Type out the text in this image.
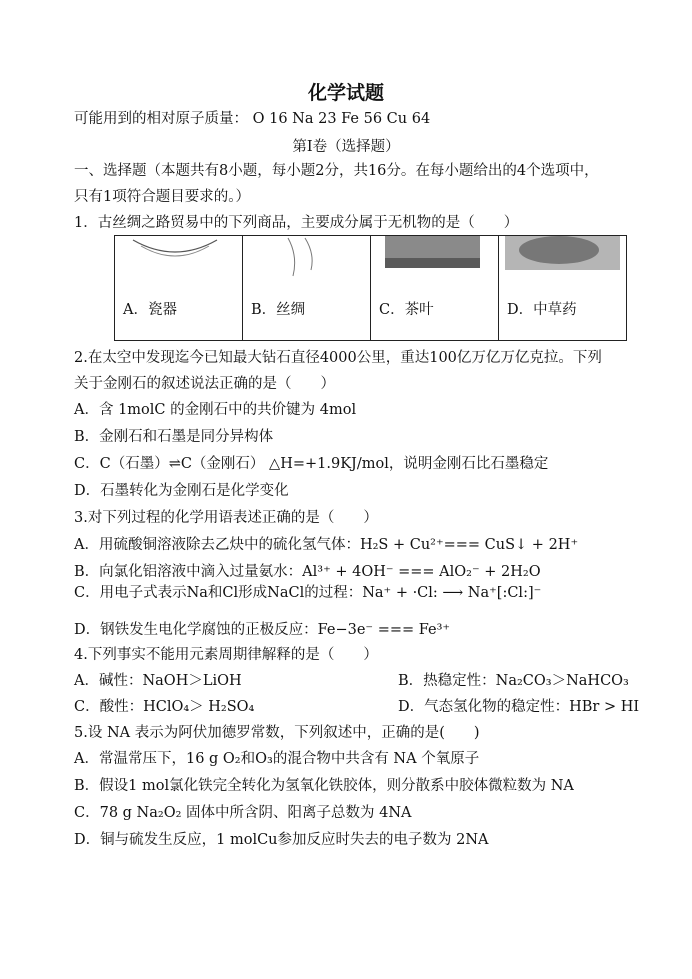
化学试题
可能用到的相对原子质量： O 16 Na 23 Fe 56 Cu 64
第Ⅰ卷（选择题）
一、选择题（本题共有8小题，每小题2分，共16分。在每小题给出的4个选项中，
只有1项符合题目要求的。）
1．古丝绸之路贸易中的下列商品，主要成分属于无机物的是（　　）
A．瓷器	B．丝绸	C．茶叶	D．中草药
2.在太空中发现迄今已知最大钻石直径4000公里，重达100亿万亿万亿克拉。下列
关于金刚石的叙述说法正确的是（　　）
A．含 1molC 的金刚石中的共价键为 4mol
B．金刚石和石墨是同分异构体
C．C（石墨）⇌C（金刚石） △H=+1.9KJ/mol，说明金刚石比石墨稳定
D．石墨转化为金刚石是化学变化
3.对下列过程的化学用语表述正确的是（　　）
A．用硫酸铜溶液除去乙炔中的硫化氢气体：H₂S + Cu²⁺=== CuS↓ + 2H⁺
B．向氯化铝溶液中滴入过量氨水：Al³⁺ + 4OH⁻ === AlO₂⁻ + 2H₂O
C．用电子式表示Na和Cl形成NaCl的过程：Na⁺ + ·Cl: ⟶ Na⁺[:Cl:]⁻
D．钢铁发生电化学腐蚀的正极反应：Fe−3e⁻ === Fe³⁺
4.下列事实不能用元素周期律解释的是（　　）
A．碱性：NaOH＞LiOH	B．热稳定性：Na₂CO₃＞NaHCO₃
C．酸性：HClO₄＞ H₂SO₄	D．气态氢化物的稳定性：HBr > HI
5.设 NA 表示为阿伏加德罗常数，下列叙述中，正确的是(　　)
A．常温常压下，16 g O₂和O₃的混合物中共含有 NA 个氧原子
B．假设1 mol氯化铁完全转化为氢氧化铁胶体，则分散系中胶体微粒数为 NA
C．78 g Na₂O₂ 固体中所含阴、阳离子总数为 4NA
D．铜与硫发生反应，1 molCu参加反应时失去的电子数为 2NA
